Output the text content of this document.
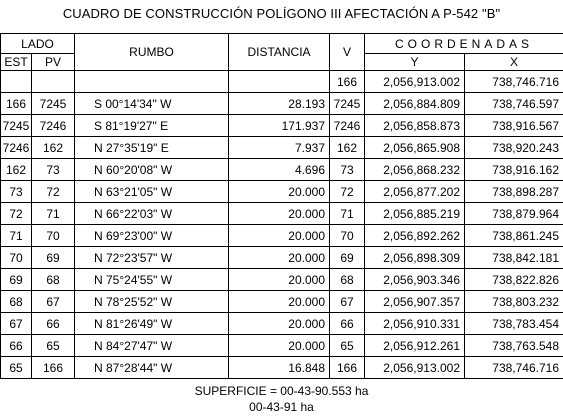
CUADRO DE CONSTRUCCIÓN POLÍGONO III AFECTACIÓN A P-542 "B"
LADO		RUMBO	DISTANCIA	V	COORDENADAS	
EST	PV				Y	X
				166	2,056,913.002	738,746.716
166	7245	S 00°14'34" W	28.193	7245	2,056,884.809	738,746.597
7245	7246	S 81°19'27" E	171.937	7246	2,056,858.873	738,916.567
7246	162	N 27°35'19" E	7.937	162	2,056,865.908	738,920.243
162	73	N 60°20'08" W	4.696	73	2,056,868.232	738,916.162
73	72	N 63°21'05" W	20.000	72	2,056,877.202	738,898.287
72	71	N 66°22'03" W	20.000	71	2,056,885.219	738,879.964
71	70	N 69°23'00" W	20.000	70	2,056,892.262	738,861.245
70	69	N 72°23'57" W	20.000	69	2,056,898.309	738,842.181
69	68	N 75°24'55" W	20.000	68	2,056,903.346	738,822.826
68	67	N 78°25'52" W	20.000	67	2,056,907.357	738,803.232
67	66	N 81°26'49" W	20.000	66	2,056,910.331	738,783.454
66	65	N 84°27'47" W	20.000	65	2,056,912.261	738,763.548
65	166	N 87°28'44" W	16.848	166	2,056,913.002	738,746.716
SUPERFICIE = 00-43-90.553 ha
00-43-91 ha
